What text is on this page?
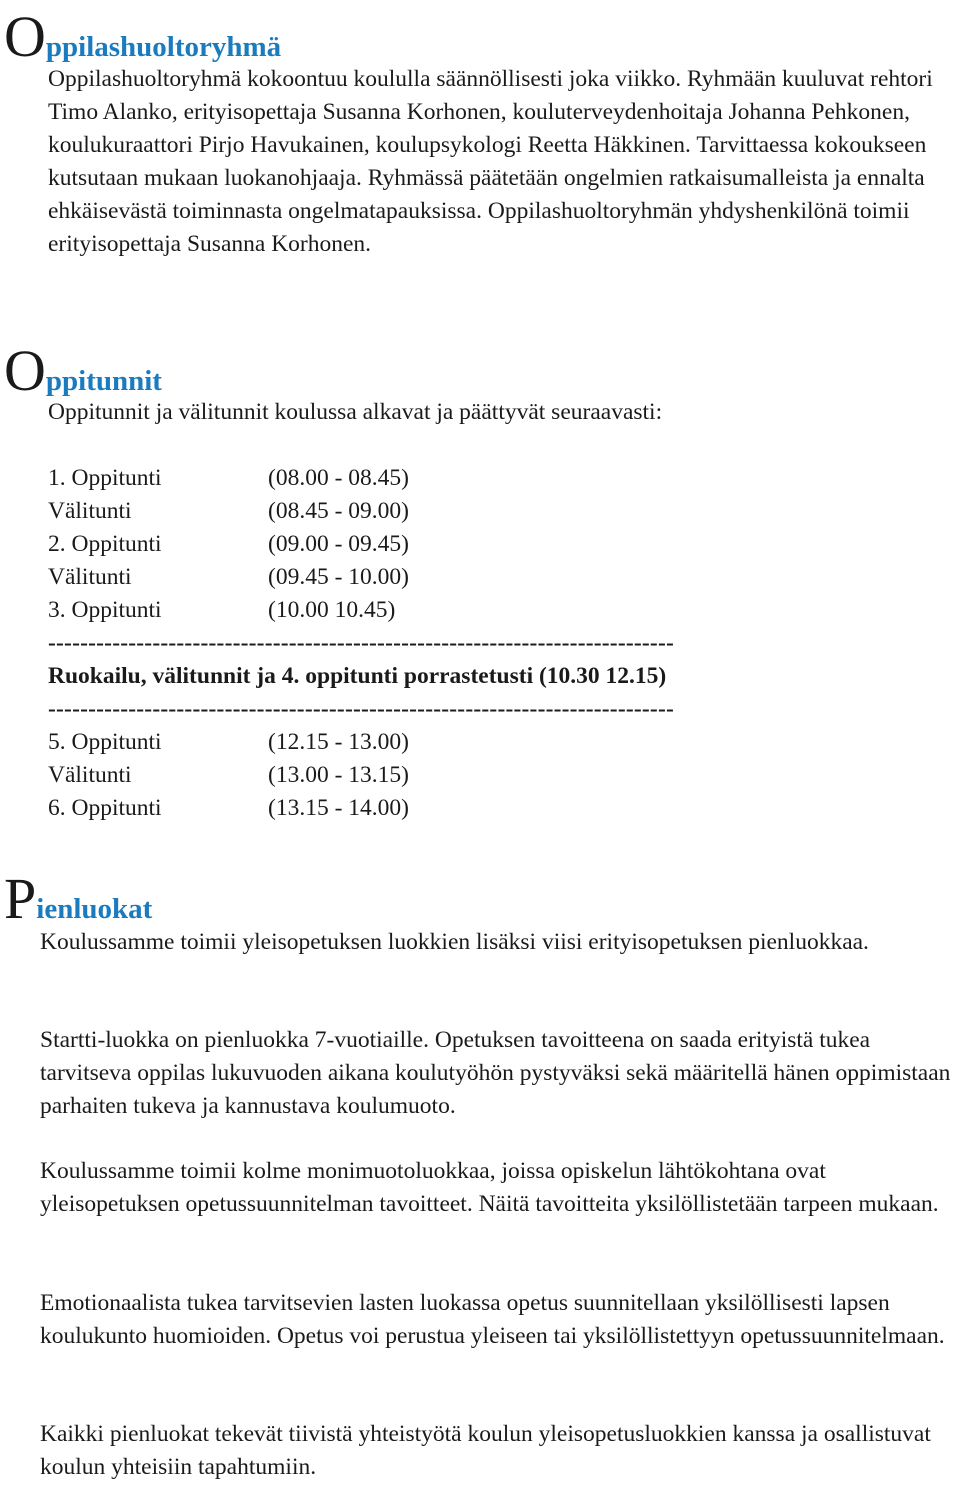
Oppilashuoltoryhmä

Oppilashuoltoryhmä kokoontuu koululla säännöllisesti joka viikko. Ryhmään kuuluvat rehtori Timo Alanko, erityisopettaja Susanna Korhonen, kouluterveydenhoitaja Johanna Pehkonen, koulukuraattori Pirjo Havukainen, koulupsykologi Reetta Häkkinen. Tarvittaessa kokoukseen kutsutaan mukaan luokanohjaaja. Ryhmässä päätetään ongelmien ratkaisumalleista ja ennalta ehkäisevästä toiminnasta ongelmatapauksissa. Oppilashuoltoryhmän yhdyshenkilönä toimii erityisopettaja Susanna Korhonen.

Oppitunnit

Oppitunnit ja välitunnit koulussa alkavat ja päättyvät seuraavasti:

1. Oppitunti	(08.00 - 08.45)
Välitunti	(08.45 - 09.00)
2. Oppitunti	(09.00 - 09.45)
Välitunti	(09.45 - 10.00)
3. Oppitunti	(10.00 10.45)
------------------------------------------------------------------------------
Ruokailu, välitunnit ja 4. oppitunti porrastetusti (10.30 12.15)
------------------------------------------------------------------------------
5. Oppitunti	(12.15 - 13.00)
Välitunti	(13.00 - 13.15)
6. Oppitunti	(13.15 - 14.00)
Pienluokat

Koulussamme toimii yleisopetuksen luokkien lisäksi viisi erityisopetuksen pienluokkaa.

Startti-luokka on pienluokka 7-vuotiaille. Opetuksen tavoitteena on saada erityistä tukea tarvitseva oppilas lukuvuoden aikana koulutyöhön pystyväksi sekä määritellä hänen oppimistaan parhaiten tukeva ja kannustava koulumuoto.

Koulussamme toimii kolme monimuotoluokkaa, joissa opiskelun lähtökohtana ovat yleisopetuksen opetussuunnitelman tavoitteet. Näitä tavoitteita yksilöllistetään tarpeen mukaan.

Emotionaalista tukea tarvitsevien lasten luokassa opetus suunnitellaan yksilöllisesti lapsen koulukunto huomioiden. Opetus voi perustua yleiseen tai yksilöllistettyyn opetussuunnitelmaan.

Kaikki pienluokat tekevät tiivistä yhteistyötä koulun yleisopetusluokkien kanssa ja osallistuvat koulun yhteisiin tapahtumiin.
